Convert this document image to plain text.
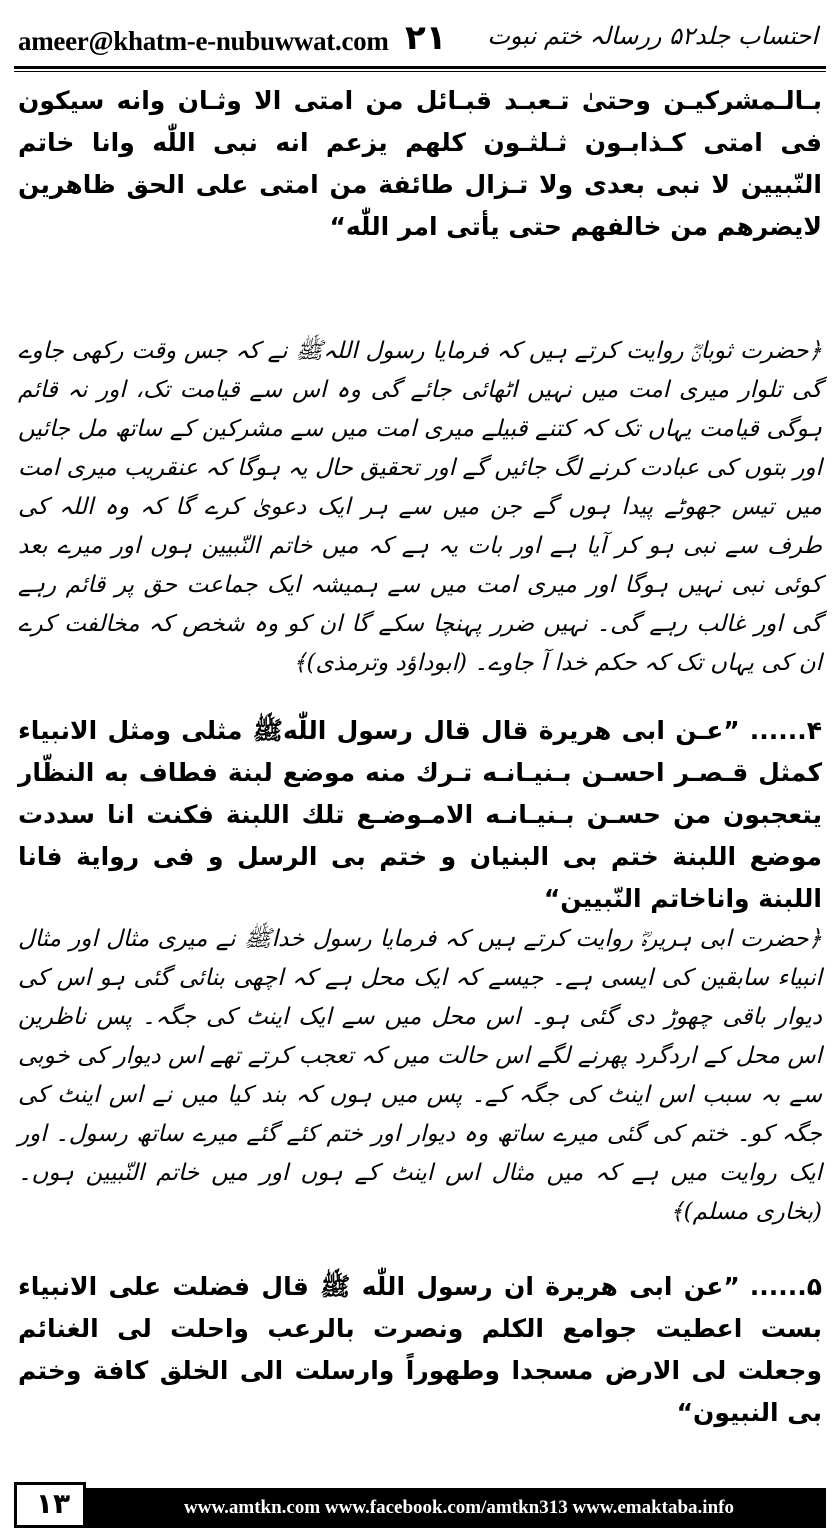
ameer@khatm-e-nubuwwat.com ۲۱ احتساب جلد۵۲ ررسالہ ختم نبوت

بـالـمشركيـن وحتىٰ تـعبـد قبـائل من امتى الا وثـان وانه سيكون فى امتى كـذابـون ثـلثـون كلهم يزعم انه نبى اللّٰه وانا خاتم النّبيين لا نبى بعدى ولا تـزال طائفة من امتى على الحق ظاهرين لايضرهم من خالفهم حتى يأتى امر اللّٰه“

﴿حضرت ثوبانؓ روایت کرتے ہیں کہ فرمایا رسول اللہﷺ نے کہ جس وقت رکھی جاوے گی تلوار میری امت میں نہیں اٹھائی جائے گی وہ اس سے قیامت تک، اور نہ قائم ہوگی قیامت یہاں تک کہ کتنے قبیلے میری امت میں سے مشرکین کے ساتھ مل جائیں اور بتوں کی عبادت کرنے لگ جائیں گے اور تحقیق حال یہ ہوگا کہ عنقریب میری امت میں تیس جھوٹے پیدا ہوں گے جن میں سے ہر ایک دعویٰ کرے گا کہ وہ اللہ کی طرف سے نبی ہو کر آیا ہے اور بات یہ ہے کہ میں خاتم النّبیین ہوں اور میرے بعد کوئی نبی نہیں ہوگا اور میری امت میں سے ہمیشہ ایک جماعت حق پر قائم رہے گی اور غالب رہے گی۔ نہیں ضرر پہنچا سکے گا ان کو وہ شخص کہ مخالفت کرے ان کی یہاں تک کہ حکم خدا آ جاوے۔ (ابوداؤد وترمذی)﴾

۴......”عـن ابى هريرة قال قال رسول اللّٰهﷺ مثلى ومثل الانبياء كمثل قـصـر احسـن بـنيـانـه تـرك منه موضع لبنة فطاف به النظّار يتعجبون من حسـن بـنيـانـه الامـوضـع تلك اللبنة فكنت انا سددت موضع اللبنة ختم بى البنيان و ختم بى الرسل و فى رواية فانا اللبنة واناخاتم النّبيين“

﴿حضرت ابی ہریرہؓ روایت کرتے ہیں کہ فرمایا رسول خداﷺ نے میری مثال اور مثال انبیاء سابقین کی ایسی ہے۔ جیسے کہ ایک محل ہے کہ اچھی بنائی گئی ہو اس کی دیوار باقی چھوڑ دی گئی ہو۔ اس محل میں سے ایک اینٹ کی جگہ۔ پس ناظرین اس محل کے اردگرد پھرنے لگے اس حالت میں کہ تعجب کرتے تھے اس دیوار کی خوبی سے بہ سبب اس اینٹ کی جگہ کے۔ پس میں ہوں کہ بند کیا میں نے اس اینٹ کی جگہ کو۔ ختم کی گئی میرے ساتھ وہ دیوار اور ختم کئے گئے میرے ساتھ رسول۔ اور ایک روایت میں ہے کہ میں مثال اس اینٹ کے ہوں اور میں خاتم النّبیین ہوں۔ (بخاری مسلم)﴾

۵......”عن ابى هريرة ان رسول اللّٰه ﷺ قال فضلت على الانبياء بست اعطيت جوامع الكلم ونصرت بالرعب واحلت لى الغنائم وجعلت لى الارض مسجدا وطهوراً وارسلت الى الخلق كافة وختم بى النبيون“

www.amtkn.com www.facebook.com/amtkn313 www.emaktaba.info
۱۳
